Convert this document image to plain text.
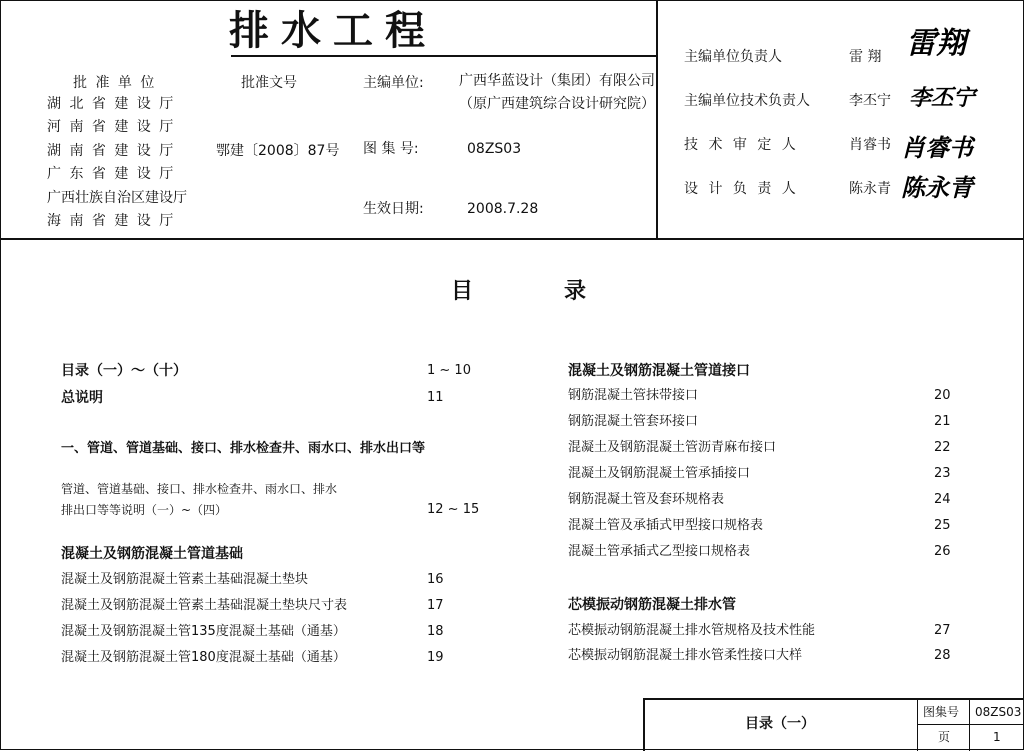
排水工程
批 准 单 位
湖 北 省 建 设 厅
河 南 省 建 设 厅
湖 南 省 建 设 厅
广 东 省 建 设 厅
广西壮族自治区建设厅
海 南 省 建 设 厅
批准文号
鄂建〔2008〕87号
主编单位:	广西华蓝设计（集团）有限公司
（原广西建筑综合设计研究院）
图 集 号:	08ZS03
生效日期:	2008.7.28
主编单位负责人	雷 翔 雷翔
主编单位技术负责人	李丕宁 李丕宁
技 术 审 定 人	肖睿书 肖睿书
设 计 负 责 人	陈永青 陈永青
目	录
目录（一）～（十）	1 ~ 10
总说明	11
一、管道、管道基础、接口、排水检查井、雨水口、排水出口等
管道、管道基础、接口、排水检查井、雨水口、排水
排出口等等说明（一）~（四）	12 ~ 15
混凝土及钢筋混凝土管道基础
混凝土及钢筋混凝土管素土基础混凝土垫块	16
混凝土及钢筋混凝土管素土基础混凝土垫块尺寸表	17
混凝土及钢筋混凝土管135度混凝土基础（通基）	18
混凝土及钢筋混凝土管180度混凝土基础（通基）	19
混凝土及钢筋混凝土管道接口
钢筋混凝土管抹带接口	20
钢筋混凝土管套环接口	21
混凝土及钢筋混凝土管沥青麻布接口	22
混凝土及钢筋混凝土管承插接口	23
钢筋混凝土管及套环规格表	24
混凝土管及承插式甲型接口规格表	25
混凝土管承插式乙型接口规格表	26
芯模振动钢筋混凝土排水管
芯模振动钢筋混凝土排水管规格及技术性能	27
芯模振动钢筋混凝土排水管柔性接口大样	28
目录（一）
图集号 08ZS03
页	1
